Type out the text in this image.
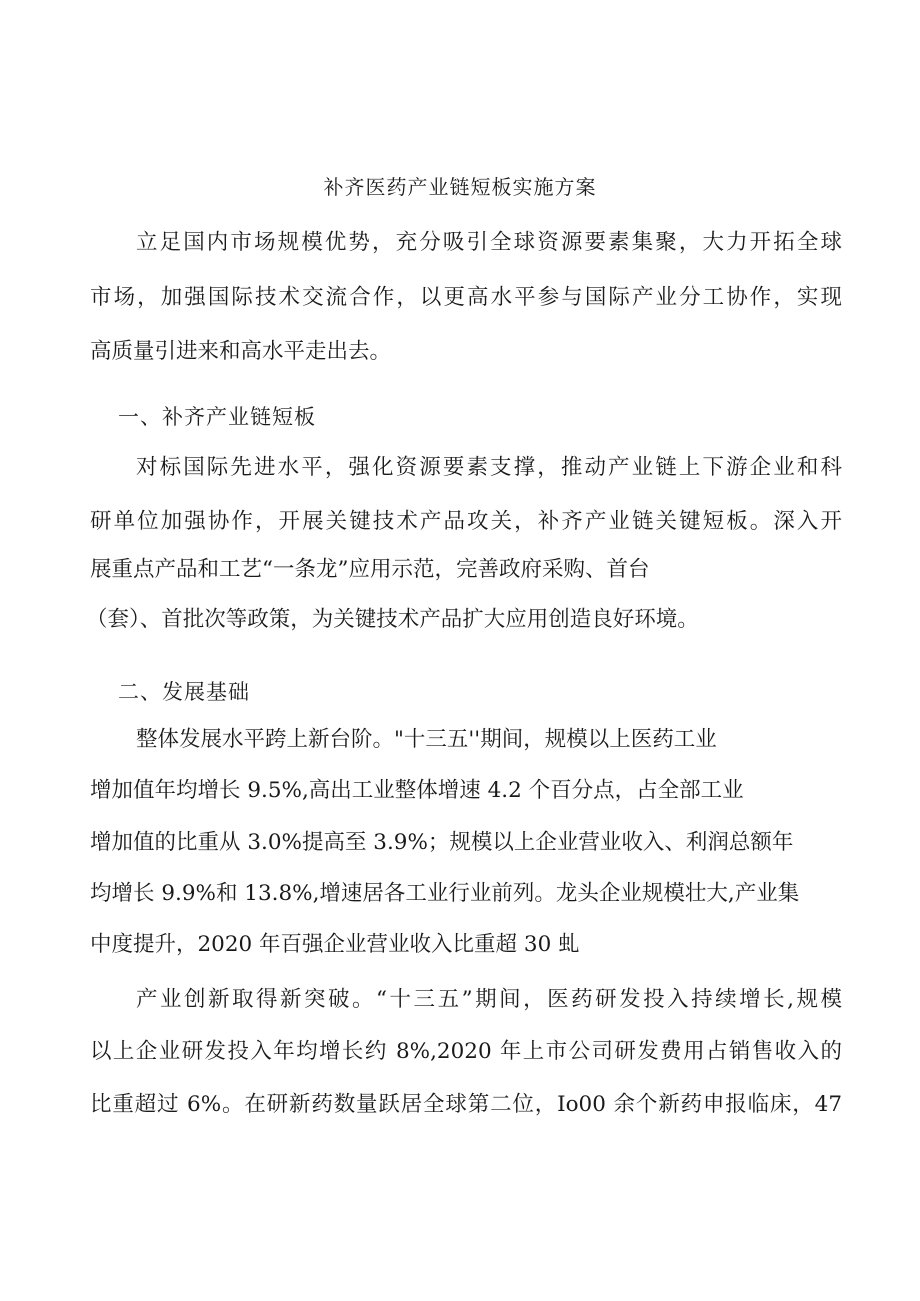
补齐医药产业链短板实施方案
立足国内市场规模优势，充分吸引全球资源要素集聚，大力开拓全球
市场，加强国际技术交流合作，以更高水平参与国际产业分工协作，实现
高质量引进来和高水平走出去。
一、补齐产业链短板
对标国际先进水平，强化资源要素支撑，推动产业链上下游企业和科
研单位加强协作，开展关键技术产品攻关，补齐产业链关键短板。深入开
展重点产品和工艺“一条龙”应用示范，完善政府采购、首台
（套）、首批次等政策，为关键技术产品扩大应用创造良好环境。
二、发展基础
整体发展水平跨上新台阶。"十三五''期间，规模以上医药工业
增加值年均增长 9.5%,高出工业整体增速 4.2 个百分点，占全部工业
增加值的比重从 3.0%提高至 3.9%；规模以上企业营业收入、利润总额年
均增长 9.9%和 13.8%,增速居各工业行业前列。龙头企业规模壮大,产业集
中度提升，2020 年百强企业营业收入比重超 30 虬
产业创新取得新突破。“十三五”期间，医药研发投入持续增长,规模
以上企业研发投入年均增长约 8%,2020 年上市公司研发费用占销售收入的
比重超过 6%。在研新药数量跃居全球第二位，Io00 余个新药申报临床，47
